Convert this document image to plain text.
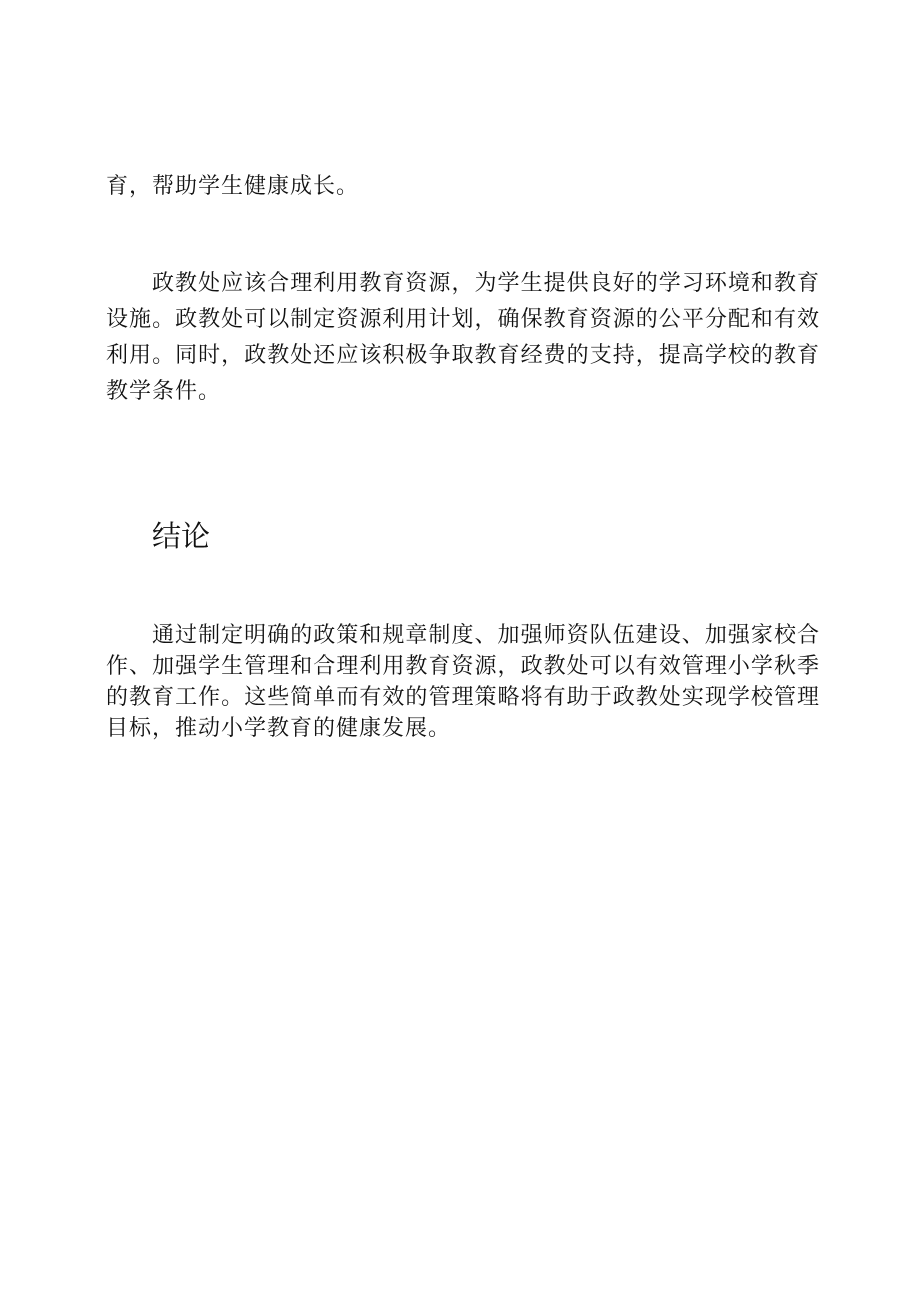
育，帮助学生健康成长。

政教处应该合理利用教育资源，为学生提供良好的学习环境和教育设施。政教处可以制定资源利用计划，确保教育资源的公平分配和有效利用。同时，政教处还应该积极争取教育经费的支持，提高学校的教育教学条件。

结论

通过制定明确的政策和规章制度、加强师资队伍建设、加强家校合作、加强学生管理和合理利用教育资源，政教处可以有效管理小学秋季的教育工作。这些简单而有效的管理策略将有助于政教处实现学校管理目标，推动小学教育的健康发展。
